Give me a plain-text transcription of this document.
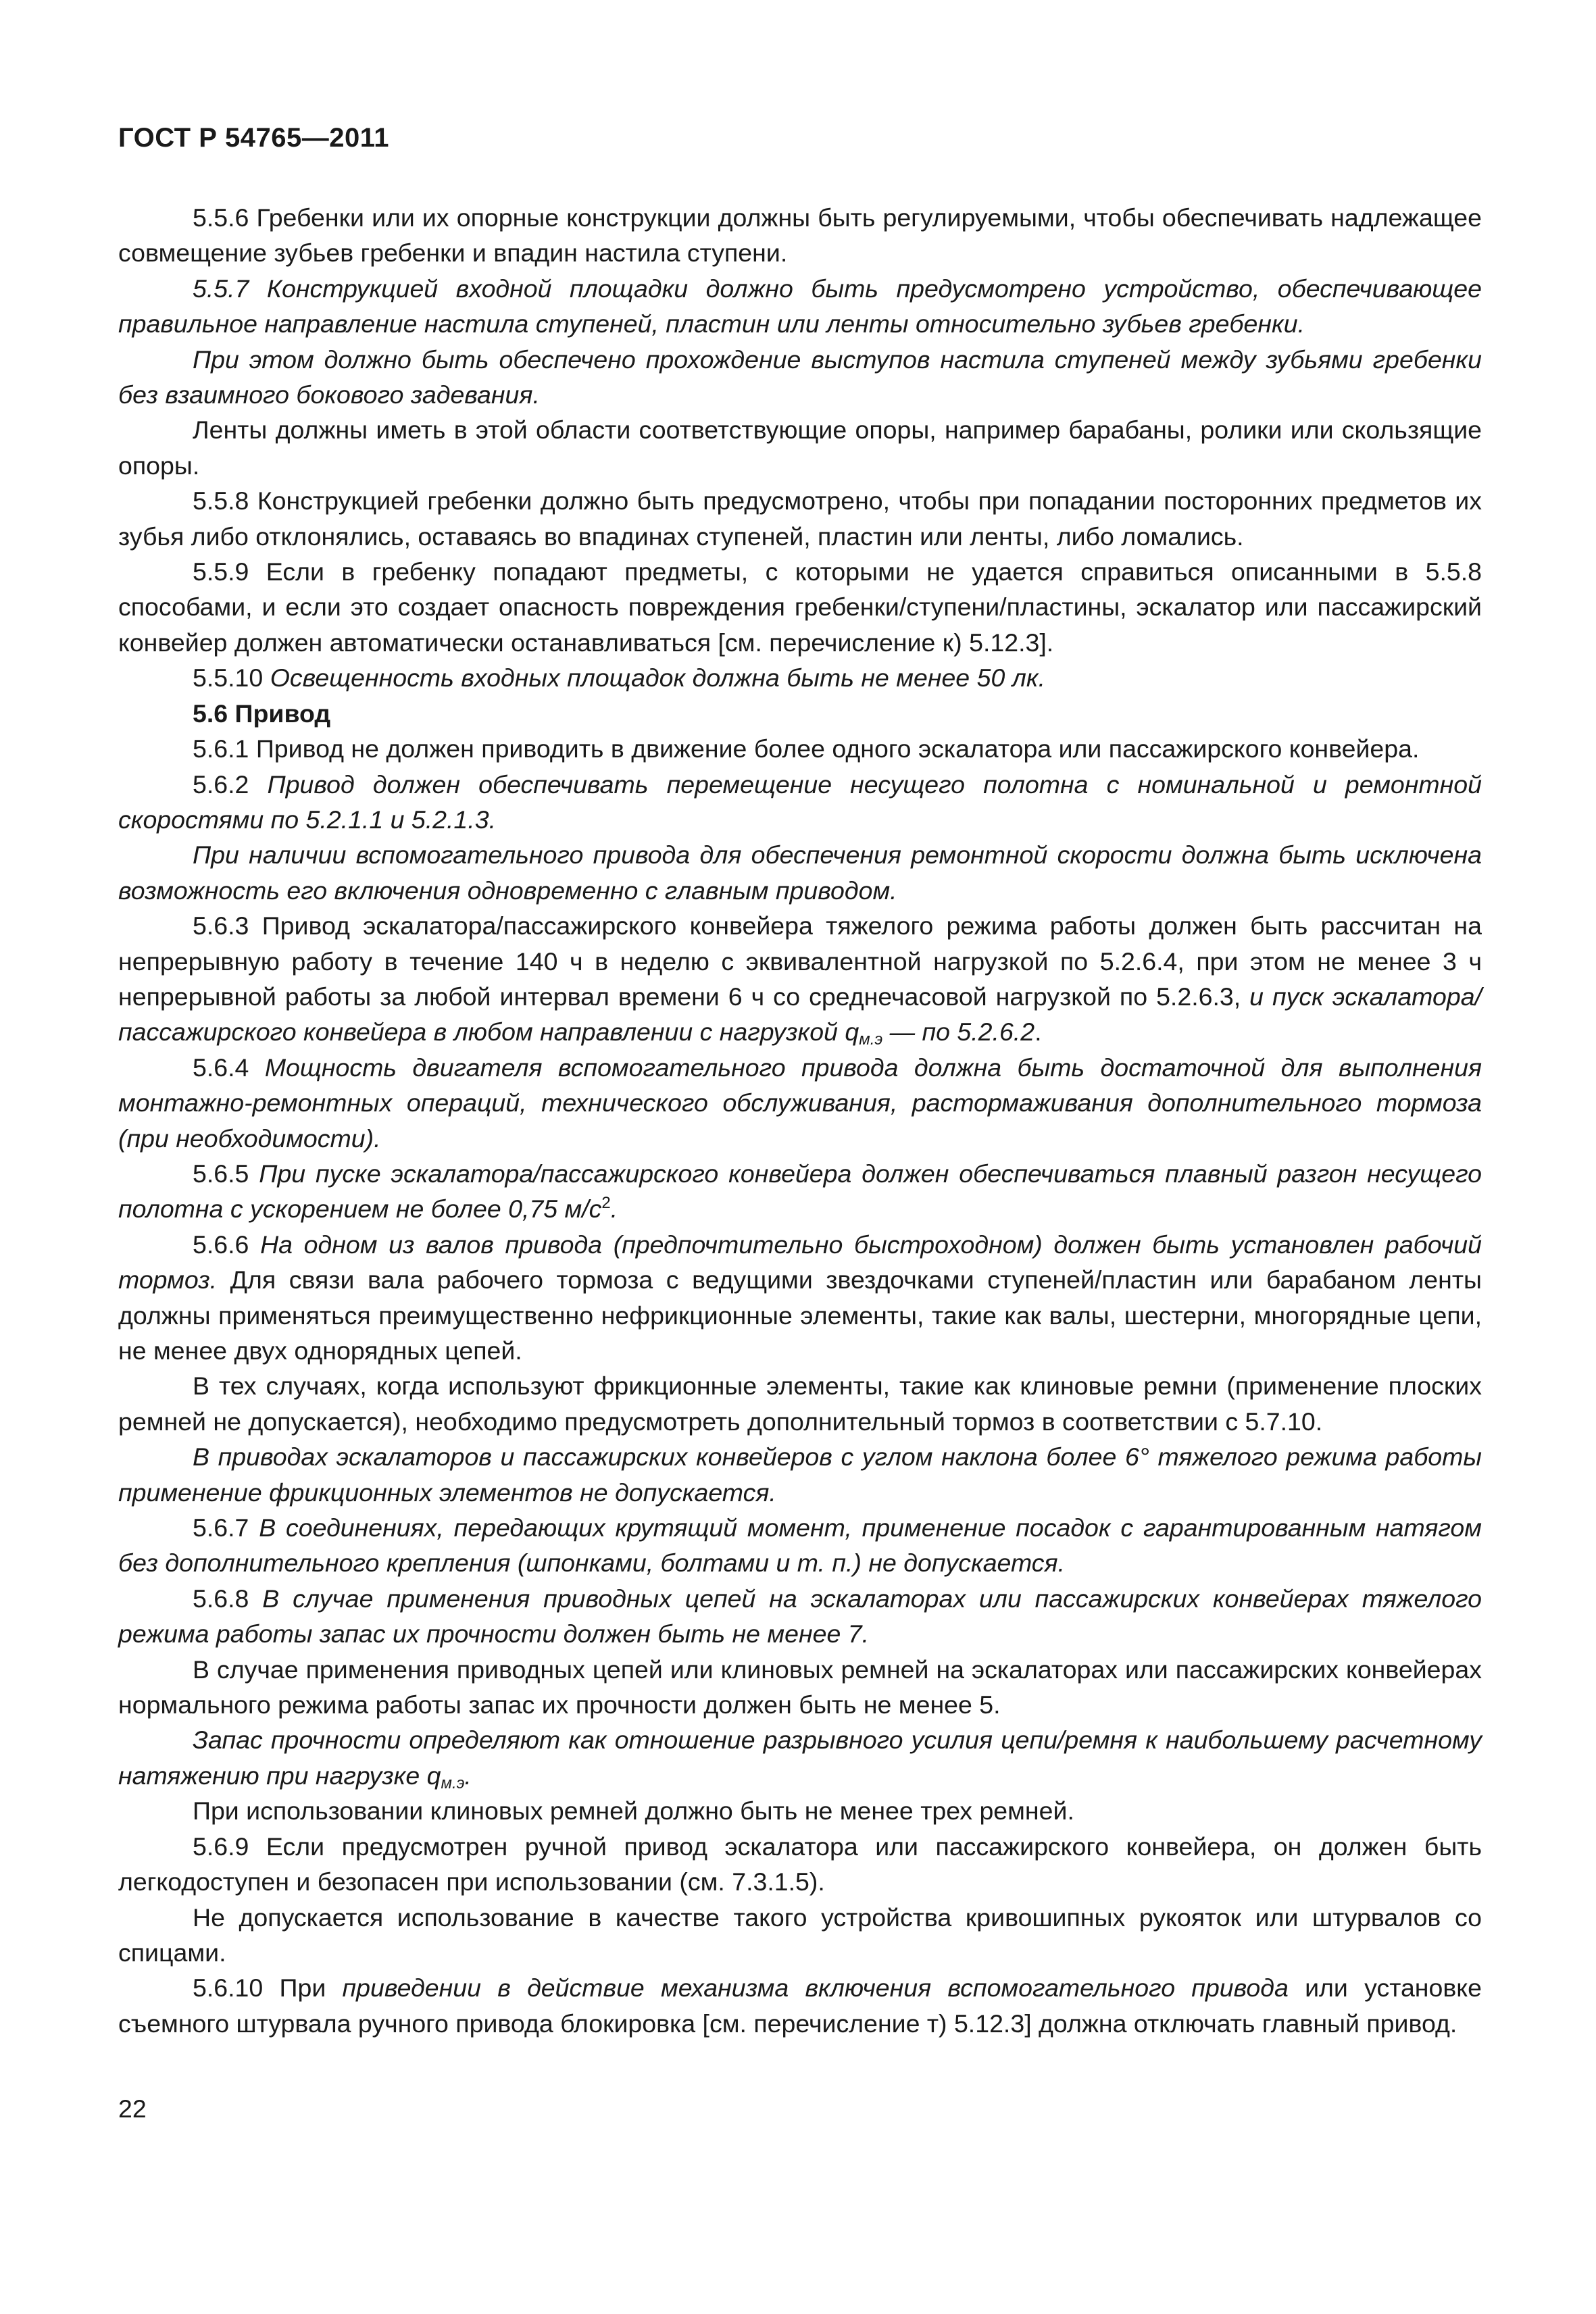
ГОСТ Р 54765—2011

5.5.6 Гребенки или их опорные конструкции должны быть регулируемыми, чтобы обеспечивать надлежащее совмещение зубьев гребенки и впадин настила ступени.

5.5.7 Конструкцией входной площадки должно быть предусмотрено устройство, обеспечивающее правильное направление настила ступеней, пластин или ленты относительно зубьев гребенки.

При этом должно быть обеспечено прохождение выступов настила ступеней между зубьями гребенки без взаимного бокового задевания.

Ленты должны иметь в этой области соответствующие опоры, например барабаны, ролики или скользящие опоры.

5.5.8 Конструкцией гребенки должно быть предусмотрено, чтобы при попадании посторонних предметов их зубья либо отклонялись, оставаясь во впадинах ступеней, пластин или ленты, либо ломались.

5.5.9 Если в гребенку попадают предметы, с которыми не удается справиться описанными в 5.5.8 способами, и если это создает опасность повреждения гребенки/ступени/пластины, эскалатор или пассажирский конвейер должен автоматически останавливаться [см. перечисление к) 5.12.3].

5.5.10 Освещенность входных площадок должна быть не менее 50 лк.

5.6 Привод

5.6.1 Привод не должен приводить в движение более одного эскалатора или пассажирского конвейера.

5.6.2 Привод должен обеспечивать перемещение несущего полотна с номинальной и ремонтной скоростями по 5.2.1.1 и 5.2.1.3.

При наличии вспомогательного привода для обеспечения ремонтной скорости должна быть исключена возможность его включения одновременно с главным приводом.

5.6.3 Привод эскалатора/пассажирского конвейера тяжелого режима работы должен быть рассчитан на непрерывную работу в течение 140 ч в неделю с эквивалентной нагрузкой по 5.2.6.4, при этом не менее 3 ч непрерывной работы за любой интервал времени 6 ч со среднечасовой нагрузкой по 5.2.6.3, и пуск эскалатора/пассажирского конвейера в любом направлении с нагрузкой $q_{м.э}$ — по 5.2.6.2.

5.6.4 Мощность двигателя вспомогательного привода должна быть достаточной для выполнения монтажно-ремонтных операций, технического обслуживания, растормаживания дополнительного тормоза (при необходимости).

5.6.5 При пуске эскалатора/пассажирского конвейера должен обеспечиваться плавный разгон несущего полотна с ускорением не более 0,75 $м/с^2$.

5.6.6 На одном из валов привода (предпочтительно быстроходном) должен быть установлен рабочий тормоз. Для связи вала рабочего тормоза с ведущими звездочками ступеней/пластин или барабаном ленты должны применяться преимущественно нефрикционные элементы, такие как валы, шестерни, многорядные цепи, не менее двух однорядных цепей.

В тех случаях, когда используют фрикционные элементы, такие как клиновые ремни (применение плоских ремней не допускается), необходимо предусмотреть дополнительный тормоз в соответствии с 5.7.10.

В приводах эскалаторов и пассажирских конвейеров с углом наклона более 6° тяжелого режима работы применение фрикционных элементов не допускается.

5.6.7 В соединениях, передающих крутящий момент, применение посадок с гарантированным натягом без дополнительного крепления (шпонками, болтами и т. п.) не допускается.

5.6.8 В случае применения приводных цепей на эскалаторах или пассажирских конвейерах тяжелого режима работы запас их прочности должен быть не менее 7.

В случае применения приводных цепей или клиновых ремней на эскалаторах или пассажирских конвейерах нормального режима работы запас их прочности должен быть не менее 5.

Запас прочности определяют как отношение разрывного усилия цепи/ремня к наибольшему расчетному натяжению при нагрузке $q_{м.э}$.

При использовании клиновых ремней должно быть не менее трех ремней.

5.6.9 Если предусмотрен ручной привод эскалатора или пассажирского конвейера, он должен быть легкодоступен и безопасен при использовании (см. 7.3.1.5).

Не допускается использование в качестве такого устройства кривошипных рукояток или штурвалов со спицами.

5.6.10 При приведении в действие механизма включения вспомогательного привода или установке съемного штурвала ручного привода блокировка [см. перечисление т) 5.12.3] должна отключать главный привод.

22
